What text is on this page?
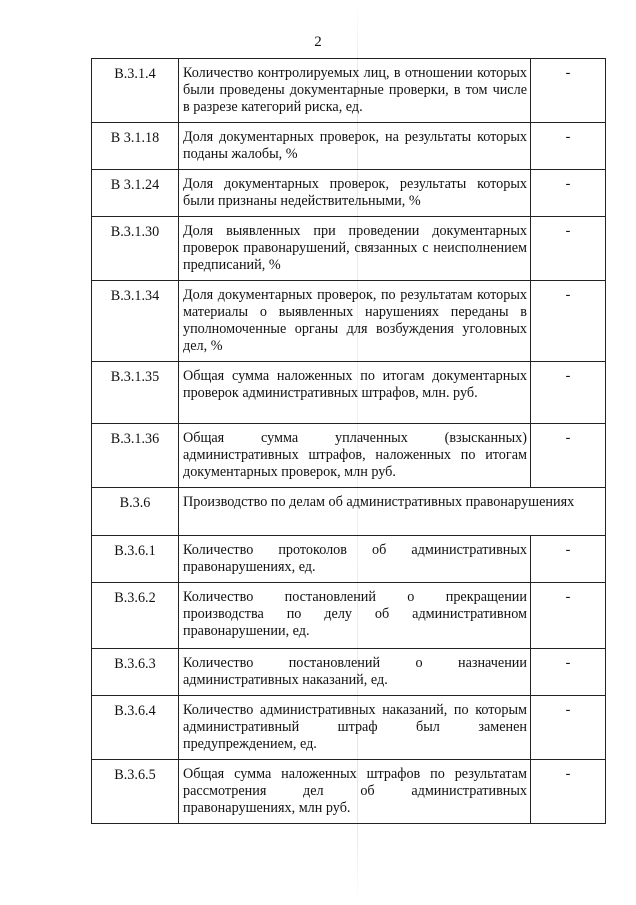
2
В.3.1.4	Количество контролируемых лиц, в отношении которых были проведены документарные проверки, в том числе в разрезе категорий риска, ед.	-
В 3.1.18	Доля документарных проверок, на результаты которых поданы жалобы, %	-
В 3.1.24	Доля документарных проверок, результаты которых были признаны недействительными, %	-
В.3.1.30	Доля выявленных при проведении документарных проверок правонарушений, связанных с неисполнением предписаний, %	-
В.3.1.34	Доля документарных проверок, по результатам которых материалы о выявленных нарушениях переданы в уполномоченные органы для возбуждения уголовных дел, %	-
В.3.1.35	Общая сумма наложенных по итогам документарных проверок административных штрафов, млн. руб.	-
В.3.1.36	Общая сумма уплаченных (взысканных) административных штрафов, наложенных по итогам документарных проверок, млн руб.	-
В.3.6	Производство по делам об административных правонарушениях	
В.3.6.1	Количество протоколов об административных правонарушениях, ед.	-
В.3.6.2	Количество постановлений о прекращении производства по делу об административном правонарушении, ед.	-
В.3.6.3	Количество постановлений о назначении административных наказаний, ед.	-
В.3.6.4	Количество административных наказаний, по которым административный штраф был заменен предупреждением, ед.	-
В.3.6.5	Общая сумма наложенных штрафов по результатам рассмотрения дел об административных правонарушениях, млн руб.	-
